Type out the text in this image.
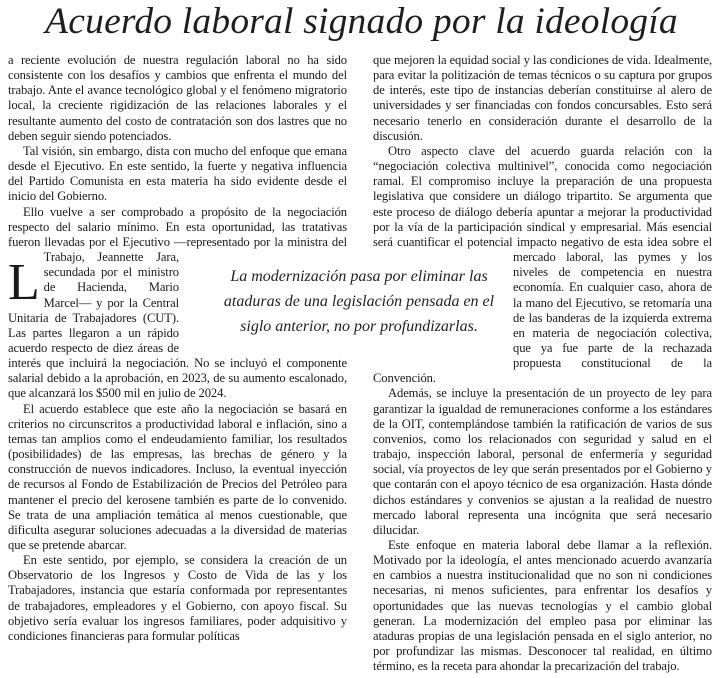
Acuerdo laboral signado por la ideología

L
a reciente evolución de nuestra regulación laboral no ha sido consistente con los desafíos y cambios que enfrenta el mundo del trabajo. Ante el avance tecnológico global y el fenómeno migratorio local, la creciente rigidización de las relaciones laborales y el resultante aumento del costo de contratación son dos lastres que no deben seguir siendo potenciados.

Tal visión, sin embargo, dista con mucho del enfoque que emana desde el Ejecutivo. En este sentido, la fuerte y negativa influencia del Partido Comunista en esta materia ha sido evidente desde el inicio del Gobierno.

Ello vuelve a ser comprobado a propósito de la negociación respecto del salario mínimo. En esta oportunidad, las tratativas fueron llevadas por el Ejecutivo —representado por la ministra del Trabajo, Jeannette Jara, secundada por el ministro de Hacienda, Mario Marcel— y por la Central Unitaria de Trabajadores (CUT). Las partes llegaron a un rápido acuerdo respecto de diez áreas de interés que incluirá la negociación. No se incluyó el componente salarial debido a la aprobación, en 2023, de su aumento escalonado, que alcanzará los $500 mil en julio de 2024.

El acuerdo establece que este año la negociación se basará en criterios no circunscritos a productividad laboral e inflación, sino a temas tan amplios como el endeudamiento familiar, los resultados (posibilidades) de las empresas, las brechas de género y la construcción de nuevos indicadores. Incluso, la eventual inyección de recursos al Fondo de Estabilización de Precios del Petróleo para mantener el precio del kerosene también es parte de lo convenido. Se trata de una ampliación temática al menos cuestionable, que dificulta asegurar soluciones adecuadas a la diversidad de materias que se pretende abarcar.

En este sentido, por ejemplo, se considera la creación de un Observatorio de los Ingresos y Costo de Vida de las y los Trabajadores, instancia que estaría conformada por representantes de trabajadores, empleadores y el Gobierno, con apoyo fiscal. Su objetivo sería evaluar los ingresos familiares, poder adquisitivo y condiciones financieras para formular políticas

que mejoren la equidad social y las condiciones de vida. Idealmente, para evitar la politización de temas técnicos o su captura por grupos de interés, este tipo de instancias deberían constituirse al alero de universidades y ser financiadas con fondos concursables. Esto será necesario tenerlo en consideración durante el desarrollo de la discusión.

Otro aspecto clave del acuerdo guarda relación con la “negociación colectiva multinivel”, conocida como negociación ramal. El compromiso incluye la preparación de una propuesta legislativa que considere un diálogo tripartito. Se argumenta que este proceso de diálogo debería apuntar a mejorar la productividad por la vía de la participación sindical y empresarial. Más esencial será cuantificar el potencial impacto negativo de esta idea sobre el mercado laboral, las pymes y los niveles de competencia en nuestra economía. En cualquier caso, ahora de la mano del Ejecutivo, se retomaría una de las banderas de la izquierda extrema en materia de negociación colectiva, que ya fue parte de la rechazada propuesta constitucional de la Convención.

Además, se incluye la presentación de un proyecto de ley para garantizar la igualdad de remuneraciones conforme a los estándares de la OIT, contemplándose también la ratificación de varios de sus convenios, como los relacionados con seguridad y salud en el trabajo, inspección laboral, personal de enfermería y seguridad social, vía proyectos de ley que serán presentados por el Gobierno y que contarán con el apoyo técnico de esa organización. Hasta dónde dichos estándares y convenios se ajustan a la realidad de nuestro mercado laboral representa una incógnita que será necesario dilucidar.

Este enfoque en materia laboral debe llamar a la reflexión. Motivado por la ideología, el antes mencionado acuerdo avanzaría en cambios a nuestra institucionalidad que no son ni condiciones necesarias, ni menos suficientes, para enfrentar los desafíos y oportunidades que las nuevas tecnologías y el cambio global generan. La modernización del empleo pasa por eliminar las ataduras propias de una legislación pensada en el siglo anterior, no por profundizar las mismas. Desconocer tal realidad, en último término, es la receta para ahondar la precarización del trabajo.

La modernización pasa por eliminar las ataduras de una legislación pensada en el siglo anterior, no por profundizarlas.
